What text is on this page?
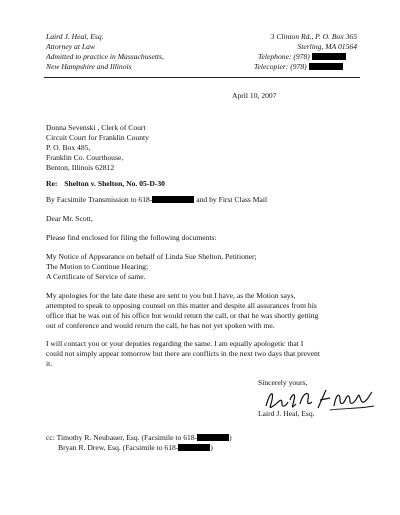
Laird J. Heal, Esq.
Attorney at Law
Admitted to practice in Massachusetts,
New Hampshire and Illinois
3 Clinton Rd., P. O. Box 365
Sterling, MA 01564
Telephone: (978)
Telecopier: (978)
April 10, 2007
Donna Sevenski , Clerk of Court
Circuit Court for Franklin County
P. O. Box 485,
Franklin Co. Courthouse,
Benton, Illinois 62812
Re: Shelton v. Shelton, No. 05-D-30
By Facsimile Transmission to 618-	and by First Class Mail
Dear Mr. Scott,
Please find enclosed for filing the following documents:
My Notice of Appearance on behalf of Linda Sue Shelton, Petitioner;
The Motion to Continue Hearing;
A Certificate of Service of same.
My apologies for the late date these are sent to you but I have, as the Motion says,
attempted to speak to opposing counsel on this matter and despite all assurances from his
office that he was out of his office but would return the call, or that he was shortly getting
out of conference and would return the call, he has not yet spoken with me.
I will contact you or your deputies regarding the same. I am equally apologetic that I
could not simply appear tomorrow but there are conflicts in the next two days that prevent
it.
Sincerely yours,
Laird J. Heal, Esq.
cc: Timothy R. Neubauer, Esq. (Facsimile to 618-	)
Bryan R. Drew, Esq. (Facsimile to 618-	)
